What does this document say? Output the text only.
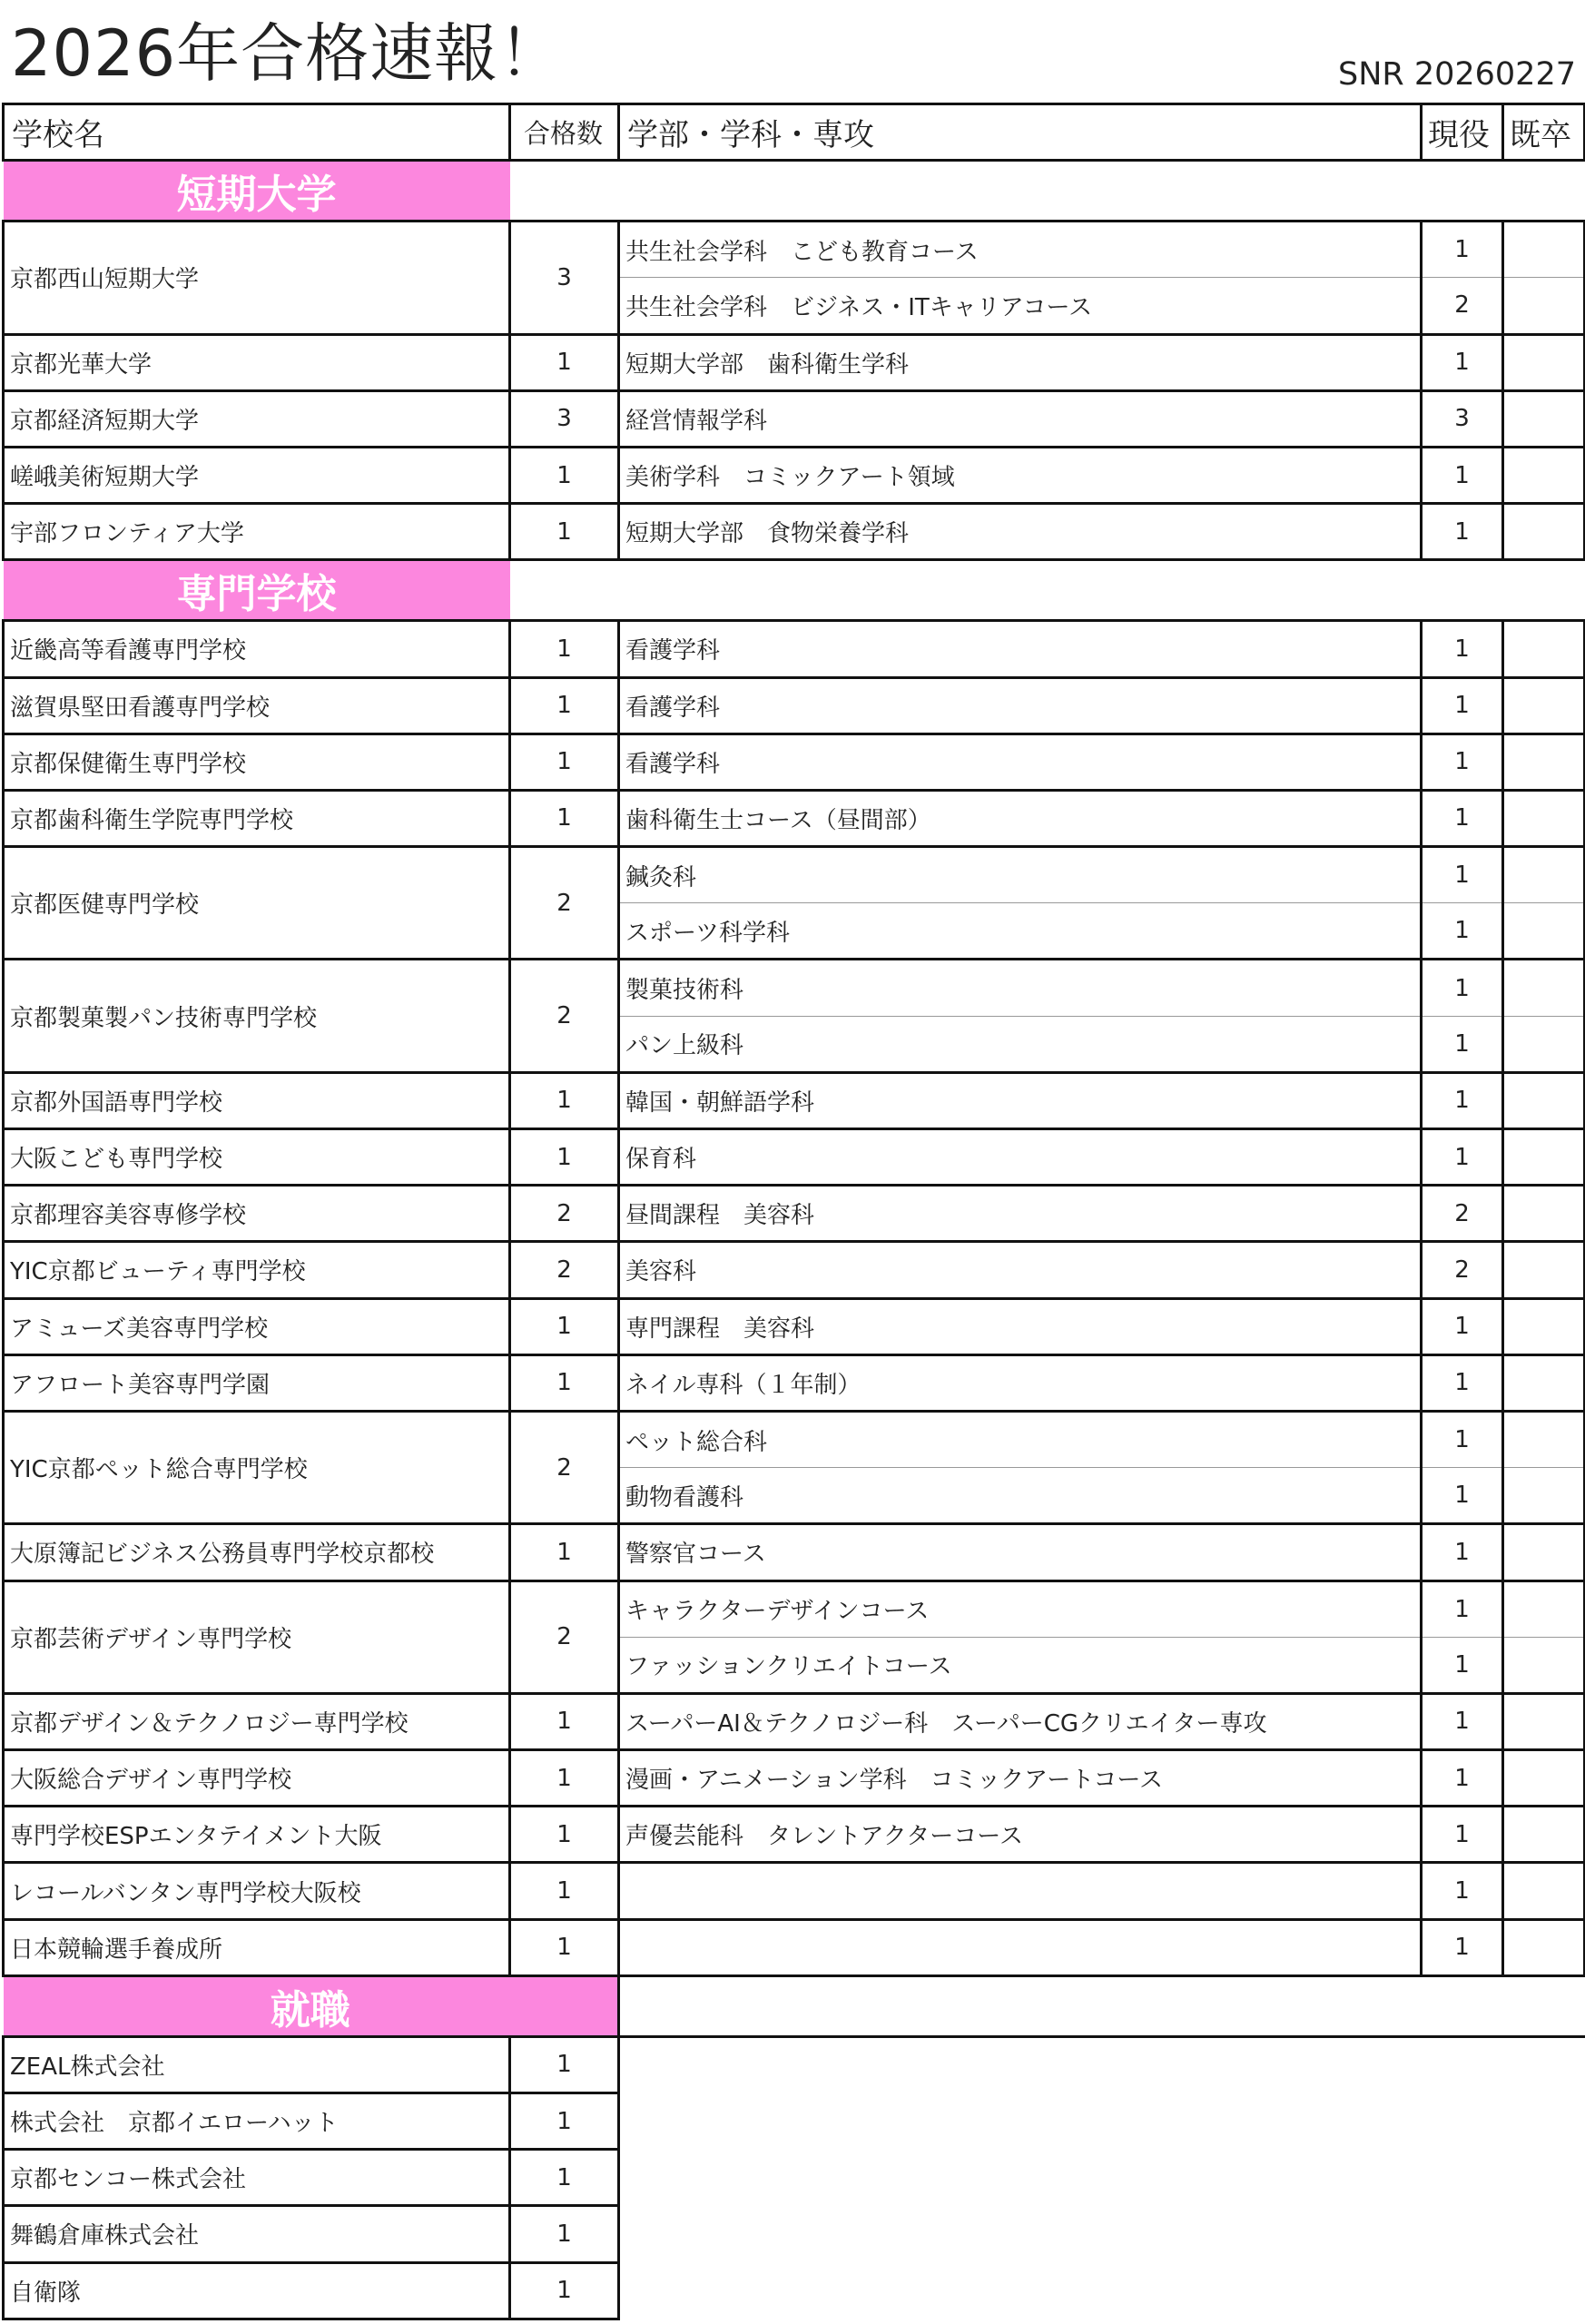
2026年合格速報！	SNR 20260227
学校名	合格数	学部・学科・専攻	現役	既卒
短期大学				
京都西山短期大学	3	共生社会学科　こども教育コース	1	
		共生社会学科　ビジネス・ITキャリアコース	2	
京都光華大学	1	短期大学部　歯科衛生学科	1	
京都経済短期大学	3	経営情報学科	3	
嵯峨美術短期大学	1	美術学科　コミックアート領域	1	
宇部フロンティア大学	1	短期大学部　食物栄養学科	1	
専門学校				
近畿高等看護専門学校	1	看護学科	1	
滋賀県堅田看護専門学校	1	看護学科	1	
京都保健衛生専門学校	1	看護学科	1	
京都歯科衛生学院専門学校	1	歯科衛生士コース（昼間部）	1	
京都医健専門学校	2	鍼灸科	1	
		スポーツ科学科	1	
京都製菓製パン技術専門学校	2	製菓技術科	1	
		パン上級科	1	
京都外国語専門学校	1	韓国・朝鮮語学科	1	
大阪こども専門学校	1	保育科	1	
京都理容美容専修学校	2	昼間課程　美容科	2	
YIC京都ビューティ専門学校	2	美容科	2	
アミューズ美容専門学校	1	専門課程　美容科	1	
アフロート美容専門学園	1	ネイル専科（１年制）	1	
YIC京都ペット総合専門学校	2	ペット総合科	1	
		動物看護科	1	
大原簿記ビジネス公務員専門学校京都校	1	警察官コース	1	
京都芸術デザイン専門学校	2	キャラクターデザインコース	1	
		ファッションクリエイトコース	1	
京都デザイン＆テクノロジー専門学校	1	スーパーAI＆テクノロジー科　スーパーCGクリエイター専攻	1	
大阪総合デザイン専門学校	1	漫画・アニメーション学科　コミックアートコース	1	
専門学校ESPエンタテイメント大阪	1	声優芸能科　タレントアクターコース	1	
レコールバンタン専門学校大阪校	1		1	
日本競輪選手養成所	1		1	
就職				
ZEAL株式会社	1			
株式会社　京都イエローハット	1			
京都センコー株式会社	1			
舞鶴倉庫株式会社	1			
自衛隊	1			
